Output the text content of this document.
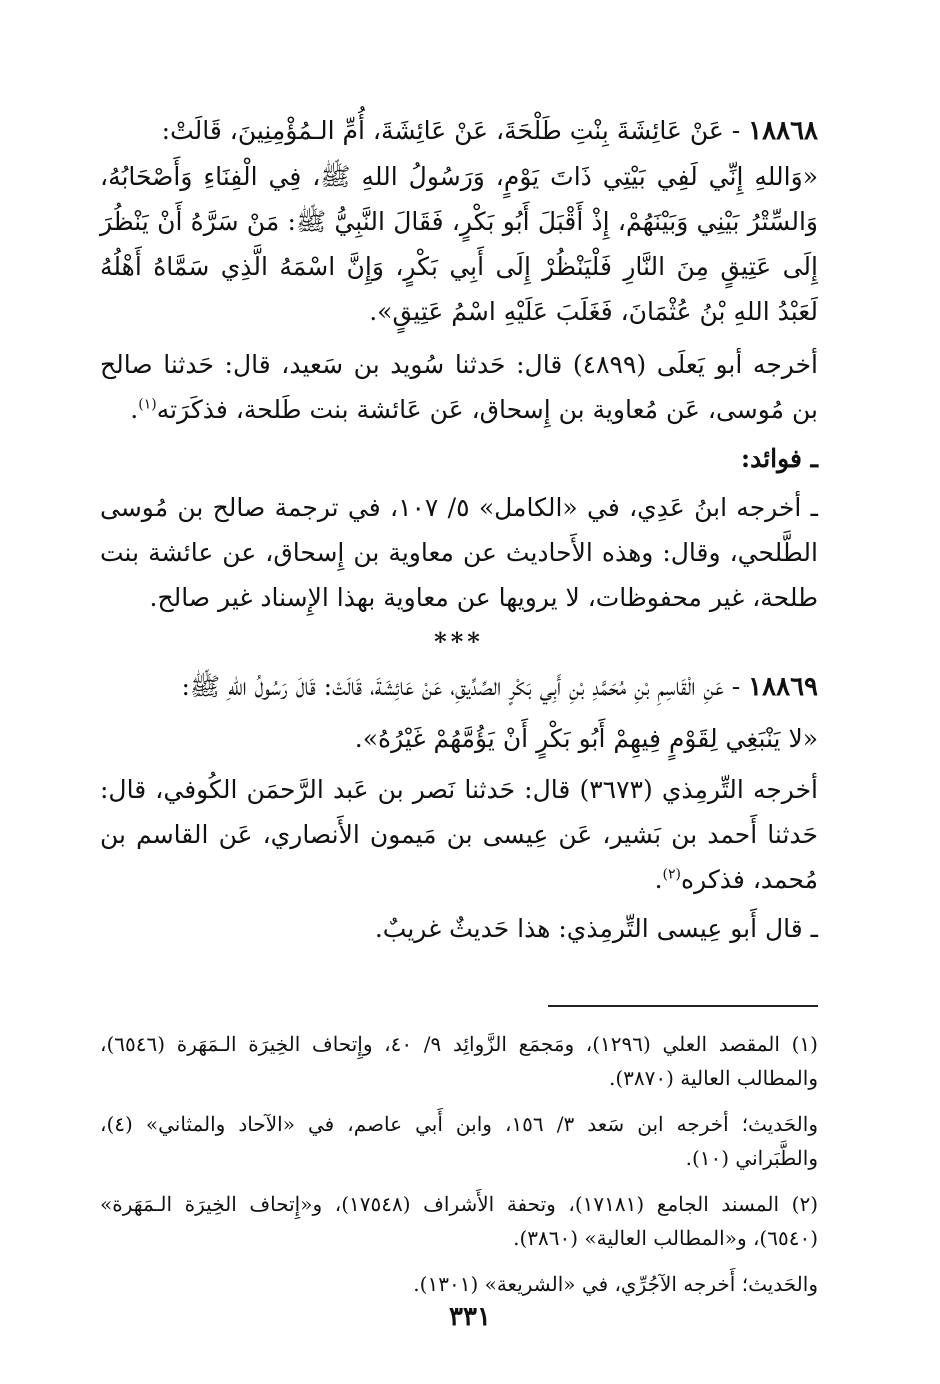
١٨٨٦٨ - عَنْ عَائِشَةَ بِنْتِ طَلْحَةَ، عَنْ عَائِشَةَ، أُمِّ الـمُؤْمِنِينَ، قَالَتْ:

«وَاللهِ إِنِّي لَفِي بَيْتِي ذَاتَ يَوْمٍ، وَرَسُولُ اللهِ ﷺ، فِي الْفِنَاءِ وَأَصْحَابُهُ، وَالسِّتْرُ بَيْنِي وَبَيْنَهُمْ، إِذْ أَقْبَلَ أَبُو بَكْرٍ، فَقَالَ النَّبِيُّ ﷺ: مَنْ سَرَّهُ أَنْ يَنْظُرَ إِلَى عَتِيقٍ مِنَ النَّارِ فَلْيَنْظُرْ إِلَى أَبِي بَكْرٍ، وَإِنَّ اسْمَهُ الَّذِي سَمَّاهُ أَهْلُهُ لَعَبْدُ اللهِ بْنُ عُثْمَانَ، فَغَلَبَ عَلَيْهِ اسْمُ عَتِيقٍ».

أخرجه أبو يَعلَى (٤٨٩٩) قال: حَدثنا سُويد بن سَعيد، قال: حَدثنا صالح بن مُوسى، عَن مُعاوية بن إِسحاق، عَن عَائشة بنت طَلحة، فذكَرَته$^{(١)}$.

ـ فوائد:

ـ أخرجه ابنُ عَدِي، في «الكامل» ٥/ ١٠٧، في ترجمة صالح بن مُوسى الطَّلحي، وقال: وهذه الأَحاديث عن معاوية بن إِسحاق، عن عائشة بنت طلحة، غير محفوظات، لا يرويها عن معاوية بهذا الإِسناد غير صالح.

***

١٨٨٦٩ - عَنِ الْقَاسِمِ بْنِ مُحَمَّدِ بْنِ أَبِي بَكْرٍ الصِّدِّيقِ، عَنْ عَائِشَةَ، قَالَتْ: قَالَ رَسُولُ اللهِ ﷺ:

«لا يَنْبَغِي لِقَوْمٍ فِيهِمْ أَبُو بَكْرٍ أَنْ يَؤُمَّهُمْ غَيْرُهُ».

أخرجه التِّرمِذي (٣٦٧٣) قال: حَدثنا نَصر بن عَبد الرَّحمَن الكُوفي، قال: حَدثنا أَحمد بن بَشير، عَن عِيسى بن مَيمون الأَنصاري، عَن القاسم بن مُحمد، فذكره$^{(٢)}$.

ـ قال أَبو عِيسى التِّرمِذي: هذا حَديثٌ غريبٌ.

(١) المقصد العلي (١٢٩٦)، ومَجمَع الزَّوائِد ٩/ ٤٠، وإِتحاف الخِيرَة الـمَهَرة (٦٥٤٦)، والمطالب العالية (٣٨٧٠).

والحَديث؛ أخرجه ابن سَعد ٣/ ١٥٦، وابن أَبي عاصم، في «الآحاد والمثاني» (٤)، والطَّبَراني (١٠).

(٢) المسند الجامع (١٧١٨١)، وتحفة الأَشراف (١٧٥٤٨)، و«إِتحاف الخِيرَة الـمَهَرة» (٦٥٤٠)، و«المطالب العالية» (٣٨٦٠).

والحَديث؛ أَخرجه الآجُرِّي، في «الشريعة» (١٣٠١).

٣٣١
